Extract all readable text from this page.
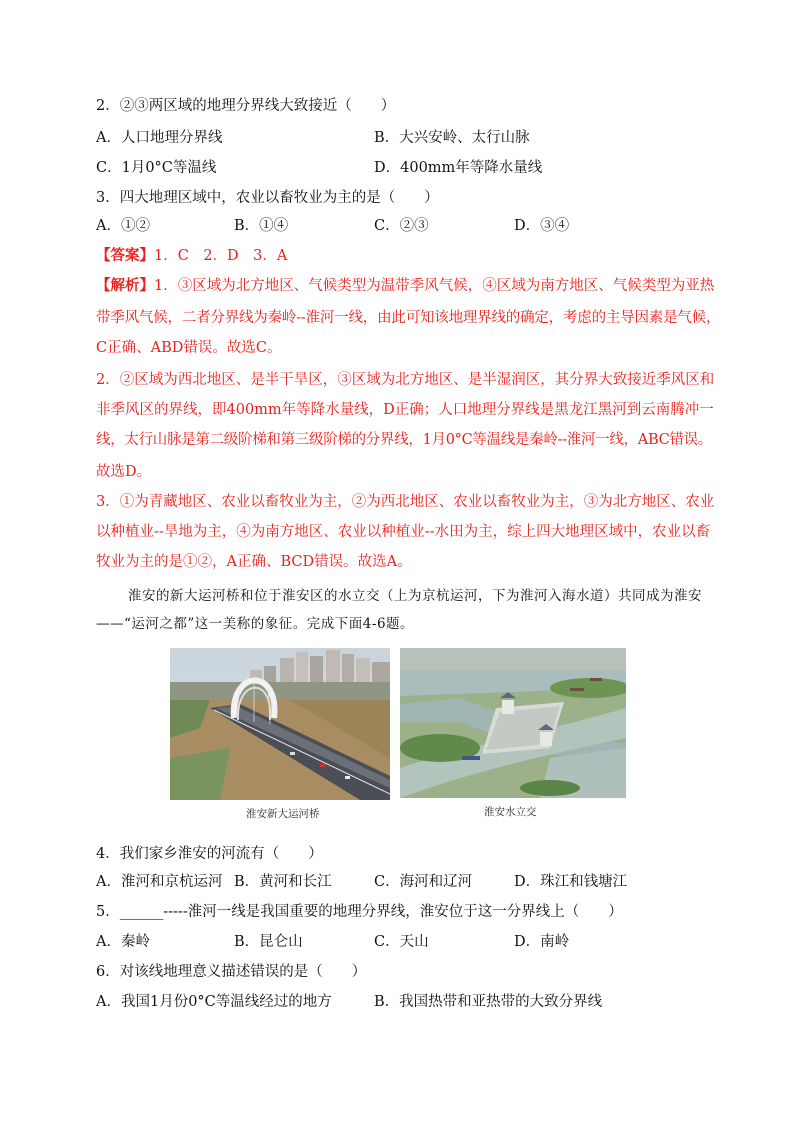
2．②③两区域的地理分界线大致接近（　　）
A．人口地理分界线	B．大兴安岭、太行山脉
C．1月0°C等温线	D．400mm年等降水量线
3．四大地理区域中，农业以畜牧业为主的是（　　）
A．①②	B．①④	C．②③	D．③④
【答案】1．C　2．D　3．A
【解析】1．③区域为北方地区、气候类型为温带季风气候，④区域为南方地区、气候类型为亚热
带季风气候，二者分界线为秦岭--淮河一线，由此可知该地理界线的确定，考虑的主导因素是气候，
C正确、ABD错误。故选C。
2．②区域为西北地区、是半干旱区，③区域为北方地区、是半湿润区，其分界大致接近季风区和
非季风区的界线，即400mm年等降水量线，D正确；人口地理分界线是黑龙江黑河到云南腾冲一
线，太行山脉是第二级阶梯和第三级阶梯的分界线，1月0°C等温线是秦岭--淮河一线，ABC错误。
故选D。
3．①为青藏地区、农业以畜牧业为主，②为西北地区、农业以畜牧业为主，③为北方地区、农业
以种植业--旱地为主，④为南方地区、农业以种植业--水田为主，综上四大地理区域中，农业以畜
牧业为主的是①②，A正确、BCD错误。故选A。
淮安的新大运河桥和位于淮安区的水立交（上为京杭运河，下为淮河入海水道）共同成为淮安
——“运河之都”这一美称的象征。完成下面4-6题。
淮安新大运河桥	淮安水立交
4．我们家乡淮安的河流有（　　）
A．淮河和京杭运河 B．黄河和长江	C．海河和辽河	D．珠江和钱塘江
5．______-----淮河一线是我国重要的地理分界线，淮安位于这一分界线上（　　）
A．秦岭	B．昆仑山	C．天山	D．南岭
6．对该线地理意义描述错误的是（　　）
A．我国1月份0°C等温线经过的地方	B．我国热带和亚热带的大致分界线
